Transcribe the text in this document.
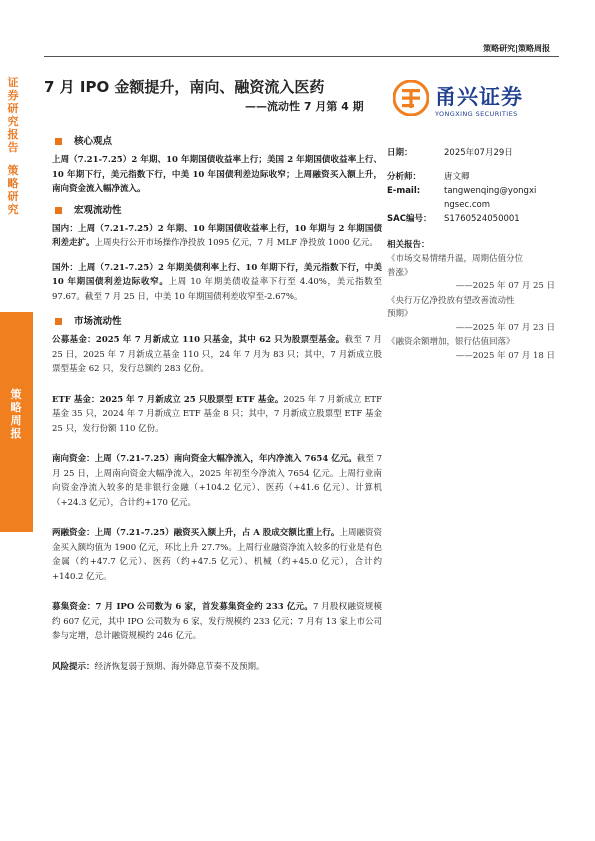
策略研究|策略周报
证券研究报告
策略研究
策略周报
7 月 IPO 金额提升，南向、融资流入医药
——流动性 7 月第 4 期	甬兴证券
YONGXING SECURITIES
核心观点

上周（7.21-7.25）2 年期、10 年期国债收益率上行；美国 2 年期国债收益率上行、10 年期下行，美元指数下行，中美 10 年国债利差边际收窄；上周融资买入额上升，南向资金流入幅净流入。

宏观流动性

国内：上周（7.21-7.25）2 年期、10 年期国债收益率上行，10 年期与 2 年期国债利差走扩。上周央行公开市场操作净投放 1095 亿元，7 月 MLF 净投放 1000 亿元。

国外：上周（7.21-7.25）2 年期美债利率上行、10 年期下行，美元指数下行，中美 10 年期国债利差边际收窄。上周 10 年期美债收益率下行至 4.40%，美元指数至 97.67。截至 7 月 25 日，中美 10 年期国债利差收窄至-2.67%。

市场流动性

公募基金：2025 年 7 月新成立 110 只基金，其中 62 只为股票型基金。截至 7 月 25 日，2025 年 7 月新成立基金 110 只，24 年 7 月为 83 只；其中，7 月新成立股票型基金 62 只，发行总额约 283 亿份。

ETF 基金：2025 年 7 月新成立 25 只股票型 ETF 基金。2025 年 7 月新成立 ETF 基金 35 只，2024 年 7 月新成立 ETF 基金 8 只；其中，7 月新成立股票型 ETF 基金 25 只，发行份额 110 亿份。

南向资金：上周（7.21-7.25）南向资金大幅净流入，年内净流入 7654 亿元。截至 7 月 25 日，上周南向资金大幅净流入，2025 年初至今净流入 7654 亿元。上周行业南向资金净流入较多的是非银行金融（+104.2 亿元）、医药（+41.6 亿元）、计算机（+24.3 亿元），合计约+170 亿元。

两融资金：上周（7.21-7.25）融资买入额上升，占 A 股成交额比重上行。上周融资资金买入额均值为 1900 亿元，环比上升 27.7%。上周行业融资净流入较多的行业是有色金属（约+47.7 亿元）、医药（约+47.5 亿元）、机械（约+45.0 亿元），合计约+140.2 亿元。

募集资金：7 月 IPO 公司数为 6 家，首发募集资金约 233 亿元。7 月股权融资规模约 607 亿元，其中 IPO 公司数为 6 家，发行规模约 233 亿元；7 月有 13 家上市公司参与定增，总计融资规模约 246 亿元。

风险提示：经济恢复弱于预期、海外降息节奏不及预期。

日期：	2025年07月29日
分析师：	唐文卿
E-mail:	tangwenqing@yongxi
ngsec.com
SAC编号： S1760524050001
相关报告：
《市场交易情绪升温，周期估值分位
普涨》
——2025 年 07 月 25 日
《央行万亿净投放有望改善流动性
预期》
——2025 年 07 月 23 日
《融资余额增加，银行估值回落》
——2025 年 07 月 18 日
